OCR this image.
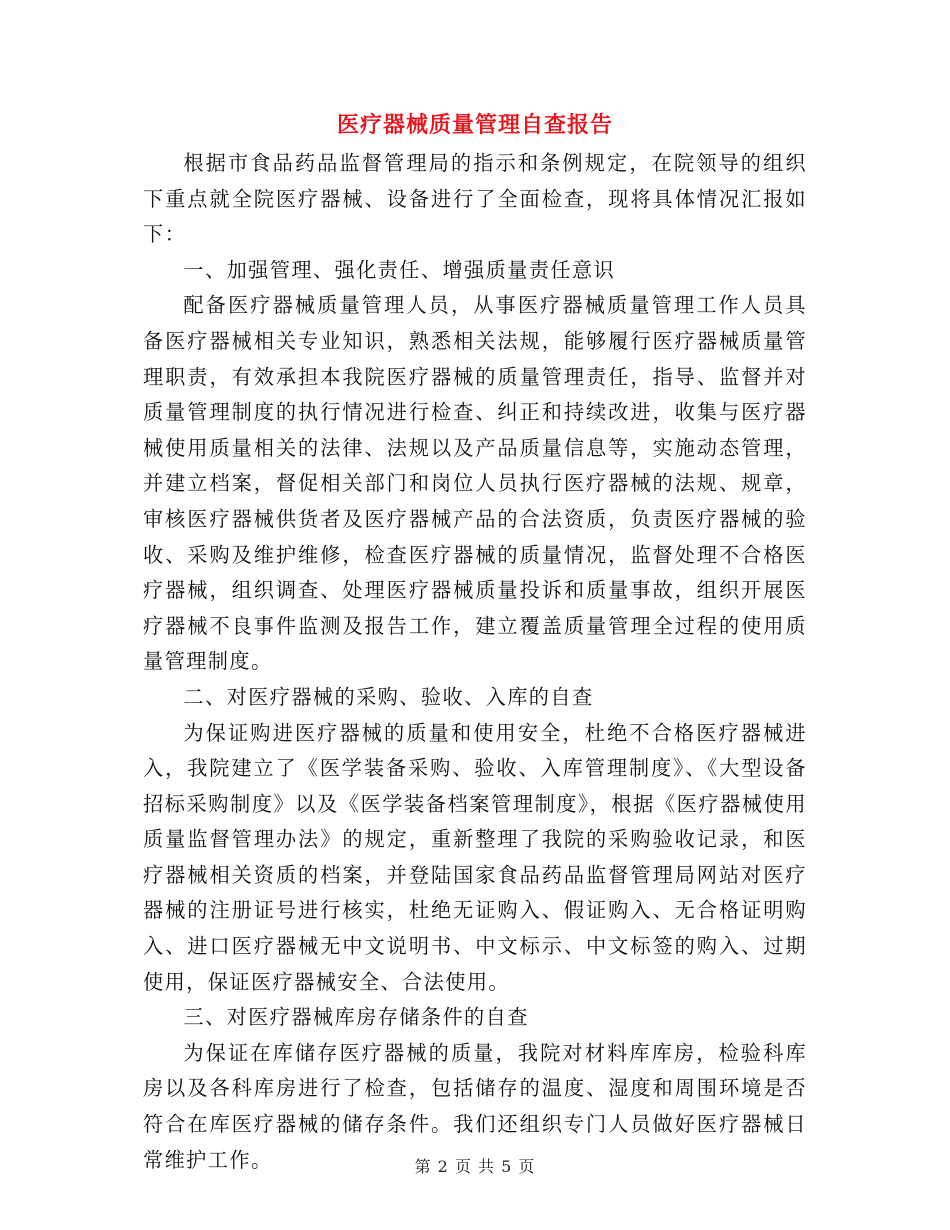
医疗器械质量管理自查报告

根据市食品药品监督管理局的指示和条例规定，在院领导的组织下重点就全院医疗器械、设备进行了全面检查，现将具体情况汇报如下：

一、加强管理、强化责任、增强质量责任意识

配备医疗器械质量管理人员，从事医疗器械质量管理工作人员具备医疗器械相关专业知识，熟悉相关法规，能够履行医疗器械质量管理职责，有效承担本我院医疗器械的质量管理责任，指导、监督并对质量管理制度的执行情况进行检查、纠正和持续改进，收集与医疗器械使用质量相关的法律、法规以及产品质量信息等，实施动态管理，并建立档案，督促相关部门和岗位人员执行医疗器械的法规、规章，审核医疗器械供货者及医疗器械产品的合法资质，负责医疗器械的验收、采购及维护维修，检查医疗器械的质量情况，监督处理不合格医疗器械，组织调查、处理医疗器械质量投诉和质量事故，组织开展医疗器械不良事件监测及报告工作，建立覆盖质量管理全过程的使用质量管理制度。

二、对医疗器械的采购、验收、入库的自查

为保证购进医疗器械的质量和使用安全，杜绝不合格医疗器械进入，我院建立了《医学装备采购、验收、入库管理制度》、《大型设备招标采购制度》以及《医学装备档案管理制度》，根据《医疗器械使用质量监督管理办法》的规定，重新整理了我院的采购验收记录，和医疗器械相关资质的档案，并登陆国家食品药品监督管理局网站对医疗器械的注册证号进行核实，杜绝无证购入、假证购入、无合格证明购入、进口医疗器械无中文说明书、中文标示、中文标签的购入、过期使用，保证医疗器械安全、合法使用。

三、对医疗器械库房存储条件的自查

为保证在库储存医疗器械的质量，我院对材料库库房，检验科库房以及各科库房进行了检查，包括储存的温度、湿度和周围环境是否符合在库医疗器械的储存条件。我们还组织专门人员做好医疗器械日常维护工作。	第 2 页 共 5 页
